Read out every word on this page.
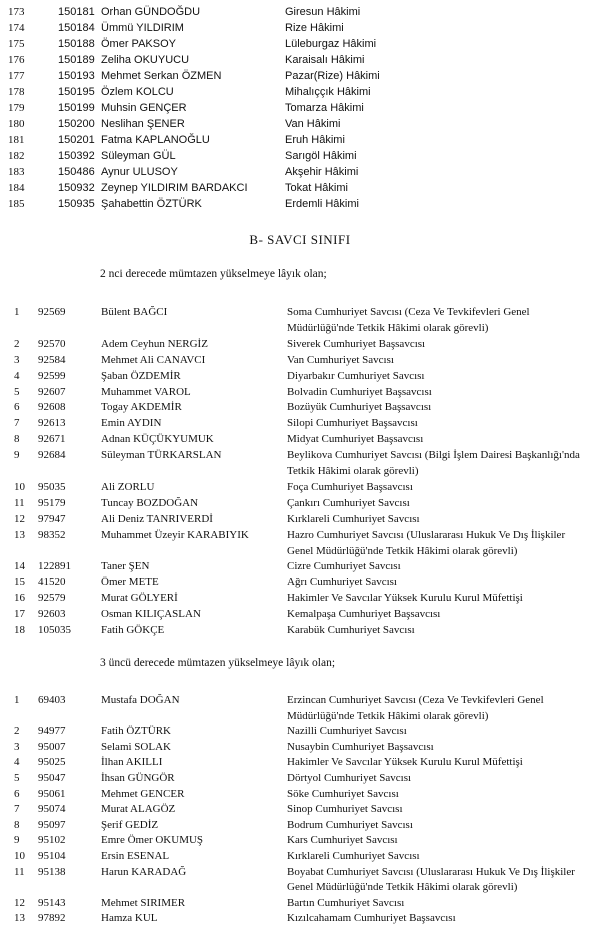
173	150181 Orhan GÜNDOĞDU	Giresun Hâkimi
174	150184 Ümmü YILDIRIM	Rize Hâkimi
175	150188 Ömer PAKSOY	Lüleburgaz Hâkimi
176	150189 Zeliha OKUYUCU	Karaisalı Hâkimi
177	150193 Mehmet Serkan ÖZMEN	Pazar(Rize) Hâkimi
178	150195 Özlem KOLCU	Mihalıççık Hâkimi
179	150199 Muhsin GENÇER	Tomarza Hâkimi
180	150200 Neslihan ŞENER	Van Hâkimi
181	150201 Fatma KAPLANOĞLU	Eruh Hâkimi
182	150392 Süleyman GÜL	Sarıgöl Hâkimi
183	150486 Aynur ULUSOY	Akşehir Hâkimi
184	150932 Zeynep YILDIRIM BARDAKCI	Tokat Hâkimi
185	150935 Şahabettin ÖZTÜRK	Erdemli Hâkimi
B- SAVCI SINIFI
2 nci derecede mümtazen yükselmeye lâyık olan;
1 92569	Bülent BAĞCI	Soma Cumhuriyet Savcısı (Ceza Ve Tevkifevleri Genel
Müdürlüğü'nde Tetkik Hâkimi olarak görevli)
2 92570	Adem Ceyhun NERGİZ	Siverek Cumhuriyet Başsavcısı
3 92584	Mehmet Ali CANAVCI	Van Cumhuriyet Savcısı
4 92599	Şaban ÖZDEMİR	Diyarbakır Cumhuriyet Savcısı
5 92607	Muhammet VAROL	Bolvadin Cumhuriyet Başsavcısı
6 92608	Togay AKDEMİR	Bozüyük Cumhuriyet Başsavcısı
7 92613	Emin AYDIN	Silopi Cumhuriyet Başsavcısı
8 92671	Adnan KÜÇÜKYUMUK	Midyat Cumhuriyet Başsavcısı
9 92684	Süleyman TÜRKARSLAN	Beylikova Cumhuriyet Savcısı (Bilgi İşlem Dairesi Başkanlığı'nda
Tetkik Hâkimi olarak görevli)
10 95035	Ali ZORLU	Foça Cumhuriyet Başsavcısı
11 95179	Tuncay BOZDOĞAN	Çankırı Cumhuriyet Savcısı
12 97947	Ali Deniz TANRIVERDİ	Kırklareli Cumhuriyet Savcısı
13 98352	Muhammet Üzeyir KARABIYIK	Hazro Cumhuriyet Savcısı (Uluslararası Hukuk Ve Dış İlişkiler
Genel Müdürlüğü'nde Tetkik Hâkimi olarak görevli)
14 122891	Taner ŞEN	Cizre Cumhuriyet Savcısı
15 41520	Ömer METE	Ağrı Cumhuriyet Savcısı
16 92579	Murat GÖLYERİ	Hakimler Ve Savcılar Yüksek Kurulu Kurul Müfettişi
17 92603	Osman KILIÇASLAN	Kemalpaşa Cumhuriyet Başsavcısı
18 105035	Fatih GÖKÇE	Karabük Cumhuriyet Savcısı
3 üncü derecede mümtazen yükselmeye lâyık olan;
1 69403	Mustafa DOĞAN	Erzincan Cumhuriyet Savcısı (Ceza Ve Tevkifevleri Genel
Müdürlüğü'nde Tetkik Hâkimi olarak görevli)
2 94977	Fatih ÖZTÜRK	Nazilli Cumhuriyet Savcısı
3 95007	Selami SOLAK	Nusaybin Cumhuriyet Başsavcısı
4 95025	İlhan AKILLI	Hakimler Ve Savcılar Yüksek Kurulu Kurul Müfettişi
5 95047	İhsan GÜNGÖR	Dörtyol Cumhuriyet Savcısı
6 95061	Mehmet GENCER	Söke Cumhuriyet Savcısı
7 95074	Murat ALAGÖZ	Sinop Cumhuriyet Savcısı
8 95097	Şerif GEDİZ	Bodrum Cumhuriyet Savcısı
9 95102	Emre Ömer OKUMUŞ	Kars Cumhuriyet Savcısı
10 95104	Ersin ESENAL	Kırklareli Cumhuriyet Savcısı
11 95138	Harun KARADAĞ	Boyabat Cumhuriyet Savcısı (Uluslararası Hukuk Ve Dış İlişkiler
Genel Müdürlüğü'nde Tetkik Hâkimi olarak görevli)
12 95143	Mehmet SIRIMER	Bartın Cumhuriyet Savcısı
13 97892	Hamza KUL	Kızılcahamam Cumhuriyet Başsavcısı
